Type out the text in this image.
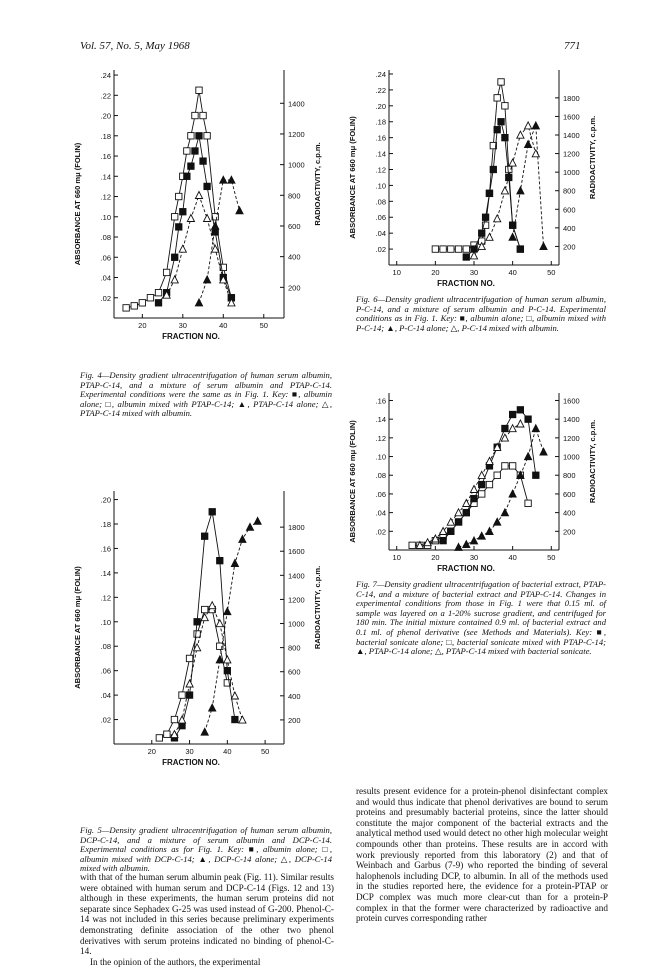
Vol. 57, No. 5, May 1968	771
.02
.04
.06
.08
.10
.12
.14
.16
.18
.20
.22
.24
200
400
600
800
1000
1200
1400
20	30	40	50
FRACTION NO.
ABSORBANCE AT 660 mμ (FOLIN)	RADIOACTIVITY, c.p.m.
.02
.04
.06
.08
.10
.12
.14
.16
.18
.20
200
400
600
800
1000
1200
1400
1600
1800
20	30	40	50
FRACTION NO.
ABSORBANCE AT 660 mμ (FOLIN)	RADIOACTIVITY, c.p.m.
.02
.04
.06
.08
.10
.12
.14
.16
.18
.20
.22
.24
200
400
600
800
1000
1200
1400
1600
1800
10	20	30	40	50
FRACTION NO.
ABSORBANCE AT 660 mμ (FOLIN)	RADIOACTIVITY, c.p.m.
.02
.04
.06
.08
.10
.12
.14
.16
200
400
600
800
1000
1200
1400
1600
10	20	30	40	50
FRACTION NO.
ABSORBANCE AT 660 mμ (FOLIN)	RADIOACTIVITY, c.p.m.
Fig. 4—Density gradient ultracentrifugation of human serum albumin, PTAP-C-14, and a mixture of serum albumin and PTAP-C-14. Experimental conditions were the same as in Fig. 1. Key: ■, albumin alone; □, albumin mixed with PTAP-C-14; ▲, PTAP-C-14 alone; △, PTAP-C-14 mixed with albumin.
Fig. 5—Density gradient ultracentrifugation of human serum albumin, DCP-C-14, and a mixture of serum albumin and DCP-C-14. Experimental conditions as for Fig. 1. Key: ■, albumin alone; □, albumin mixed with DCP-C-14; ▲, DCP-C-14 alone; △, DCP-C-14 mixed with albumin.
Fig. 6—Density gradient ultracentrifugation of human serum albumin, P-C-14, and a mixture of serum albumin and P-C-14. Experimental conditions as in Fig. 1. Key: ■, albumin alone; □, albumin mixed with P-C-14; ▲, P-C-14 alone; △, P-C-14 mixed with albumin.
Fig. 7—Density gradient ultracentrifugation of bacterial extract, PTAP-C-14, and a mixture of bacterial extract and PTAP-C-14. Changes in experimental conditions from those in Fig. 1 were that 0.15 ml. of sample was layered on a 1-20% sucrose gradient, and centrifuged for 180 min. The initial mixture contained 0.9 ml. of bacterial extract and 0.1 ml. of phenol derivative (see Methods and Materials). Key: ■, bacterial sonicate alone; □, bacterial sonicate mixed with PTAP-C-14; ▲, PTAP-C-14 alone; △, PTAP-C-14 mixed with bacterial sonicate.

with that of the human serum albumin peak (Fig. 11). Similar results were obtained with human serum and DCP-C-14 (Figs. 12 and 13) although in these experiments, the human serum proteins did not separate since Sephadex G-25 was used instead of G-200. Phenol-C-14 was not included in this series because preliminary experiments demonstrating definite association of the other two phenol derivatives with serum proteins indicated no binding of phenol-C-14.

In the opinion of the authors, the experimental

results present evidence for a protein-phenol disinfectant complex and would thus indicate that phenol derivatives are bound to serum proteins and presumably bacterial proteins, since the latter should constitute the major component of the bacterial extracts and the analytical method used would detect no other high molecular weight compounds other than proteins. These results are in accord with work previously reported from this laboratory (2) and that of Weinbach and Garbus (7-9) who reported the binding of several halophenols including DCP, to albumin. In all of the methods used in the studies reported here, the evidence for a protein-PTAP or DCP complex was much more clear-cut than for a protein-P complex in that the former were characterized by radioactive and protein curves corresponding rather
